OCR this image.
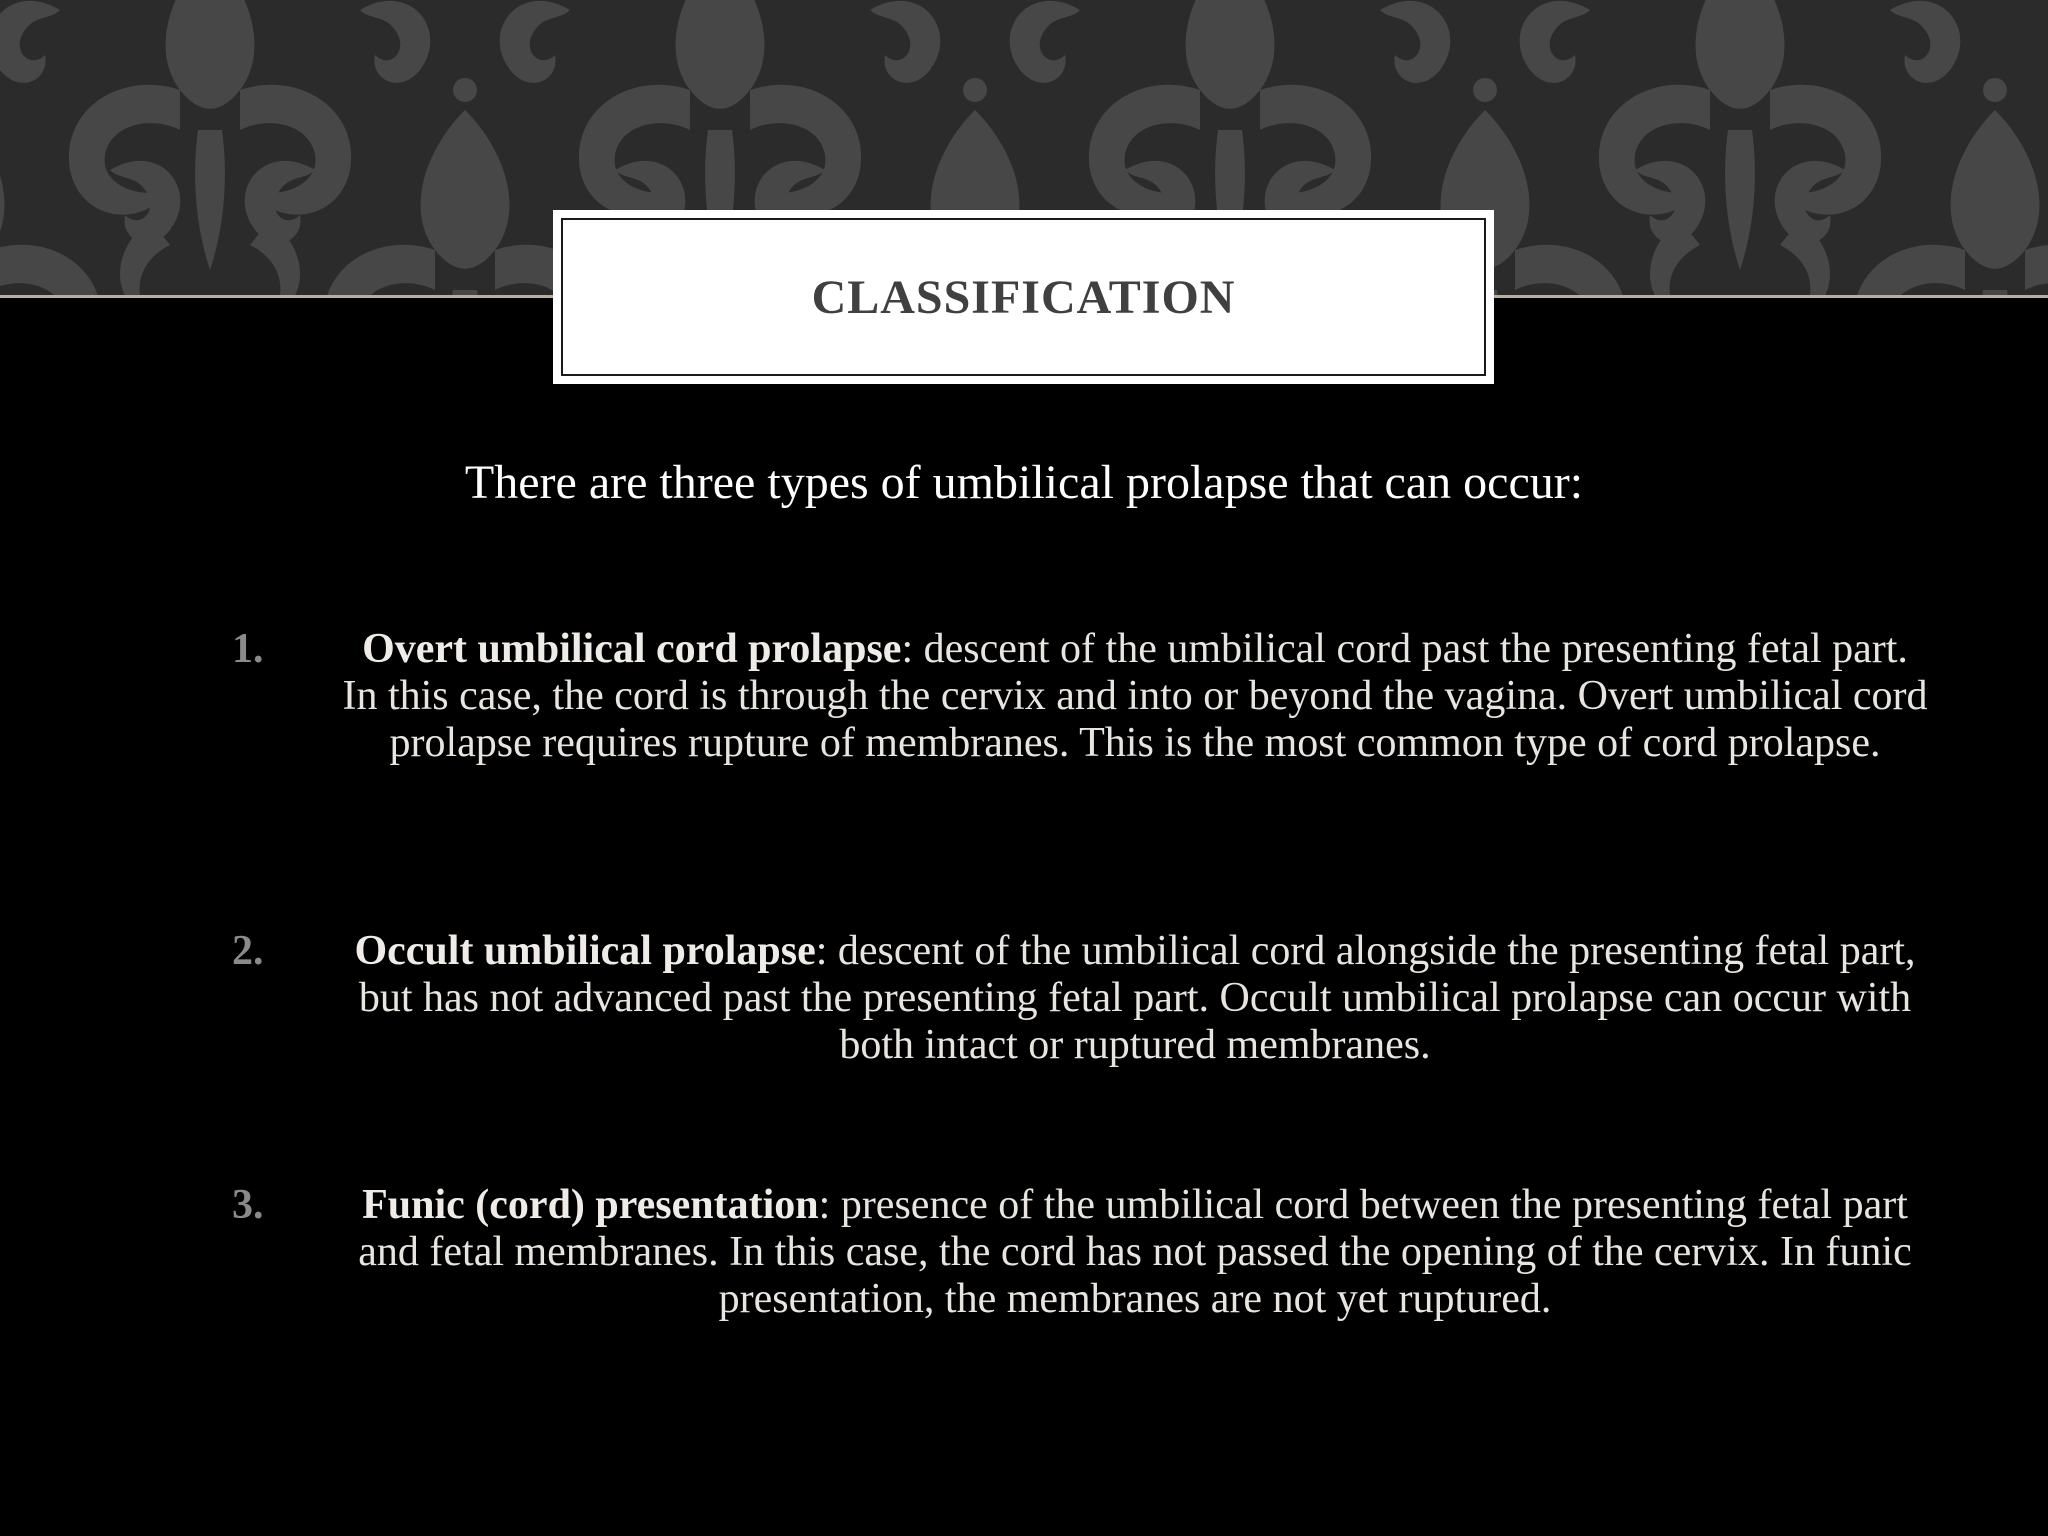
CLASSIFICATION
There are three types of umbilical prolapse that can occur:
1.	Overt umbilical cord prolapse: descent of the umbilical cord past the presenting fetal part. In this case, the cord is through the cervix and into or beyond the vagina. Overt umbilical cord prolapse requires rupture of membranes. This is the most common type of cord prolapse.
2.	Occult umbilical prolapse: descent of the umbilical cord alongside the presenting fetal part, but has not advanced past the presenting fetal part. Occult umbilical prolapse can occur with both intact or ruptured membranes.
3.	Funic (cord) presentation: presence of the umbilical cord between the presenting fetal part and fetal membranes. In this case, the cord has not passed the opening of the cervix. In funic presentation, the membranes are not yet ruptured.
